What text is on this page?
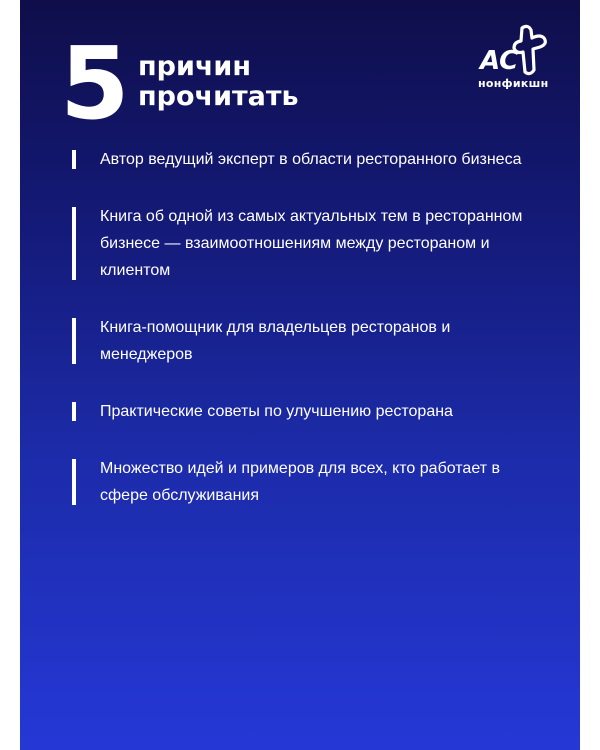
5 причин
прочитать
АС
нонфикшн
Автор ведущий эксперт в области ресторанного бизнеса
Книга об одной из самых актуальных тем в ресторанном бизнесе — взаимоотношениям между рестораном и клиентом
Книга-помощник для владельцев ресторанов и менеджеров
Практические советы по улучшению ресторана
Множество идей и примеров для всех, кто работает в сфере обслуживания
